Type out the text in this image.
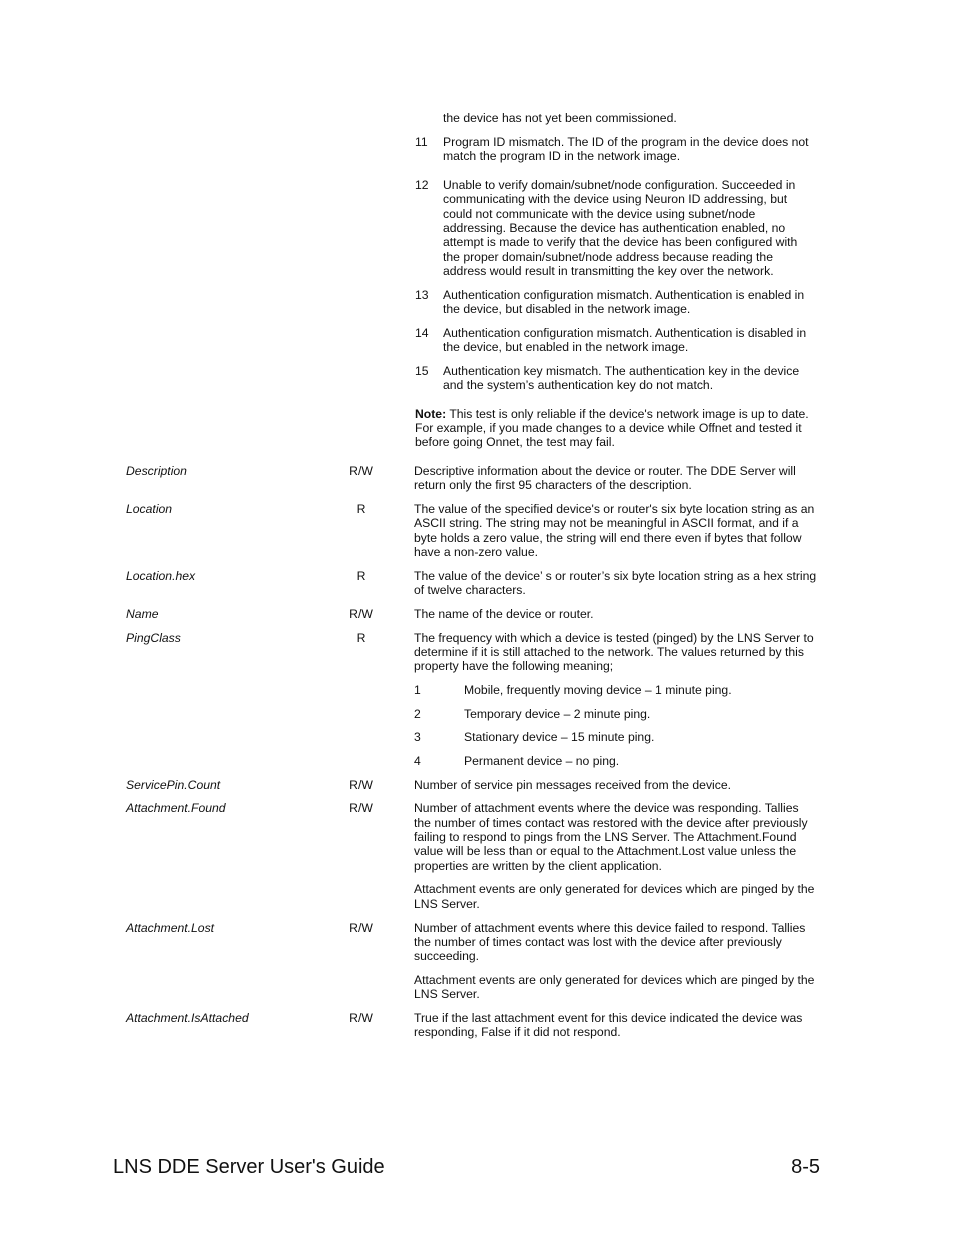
the device has not yet been commissioned.
11 Program ID mismatch. The ID of the program in the device does not
match the program ID in the network image.
12 Unable to verify domain/subnet/node configuration. Succeeded in
communicating with the device using Neuron ID addressing, but
could not communicate with the device using subnet/node
addressing. Because the device has authentication enabled, no
attempt is made to verify that the device has been configured with
the proper domain/subnet/node address because reading the
address would result in transmitting the key over the network.
13 Authentication configuration mismatch. Authentication is enabled in
the device, but disabled in the network image.
14 Authentication configuration mismatch. Authentication is disabled in
the device, but enabled in the network image.
15 Authentication key mismatch. The authentication key in the device
and the system’s authentication key do not match.
Note: This test is only reliable if the device's network image is up to date.
For example, if you made changes to a device while Offnet and tested it
before going Onnet, the test may fail.
Description	R/W	Descriptive information about the device or router. The DDE Server will
return only the first 95 characters of the description.
Location	R	The value of the specified device's or router's six byte location string as an
ASCII string. The string may not be meaningful in ASCII format, and if a
byte holds a zero value, the string will end there even if bytes that follow
have a non-zero value.
Location.hex	R	The value of the device’ s or router’s six byte location string as a hex string
of twelve characters.
Name	R/W	The name of the device or router.
PingClass	R	The frequency with which a device is tested (pinged) by the LNS Server to
determine if it is still attached to the network. The values returned by this
property have the following meaning;
1	Mobile, frequently moving device – 1 minute ping.
2	Temporary device – 2 minute ping.
3	Stationary device – 15 minute ping.
4	Permanent device – no ping.
ServicePin.Count	R/W	Number of service pin messages received from the device.
Attachment.Found	R/W	Number of attachment events where the device was responding. Tallies
the number of times contact was restored with the device after previously
failing to respond to pings from the LNS Server. The Attachment.Found
value will be less than or equal to the Attachment.Lost value unless the
properties are written by the client application.
Attachment events are only generated for devices which are pinged by the
LNS Server.
Attachment.Lost	R/W	Number of attachment events where this device failed to respond. Tallies
the number of times contact was lost with the device after previously
succeeding.
Attachment events are only generated for devices which are pinged by the
LNS Server.
Attachment.IsAttached	R/W	True if the last attachment event for this device indicated the device was
responding, False if it did not respond.
LNS DDE Server User's Guide	8-5
